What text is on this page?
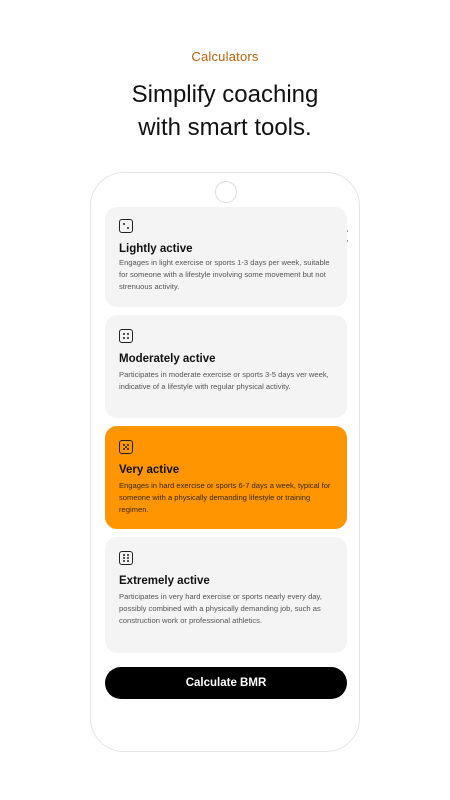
Calculators
Simplify coaching
with smart tools.
Lightly active
Engages in light exercise or sports 1-3 days per week, suitable for someone with a lifestyle involving some movement but not strenuous activity.
Moderately active
Participates in moderate exercise or sports 3-5 days ver week, indicative of a lifestyle with regular physical activity.
Very active
Engages in hard exercise or sports 6-7 days a week, typical for someone with a physically demanding lifestyle or training regimen.
Extremely active
Participates in very hard exercise or sports nearly every day, possibly combined with a physically demanding job, such as construction work or professional athletics.
Calculate BMR
